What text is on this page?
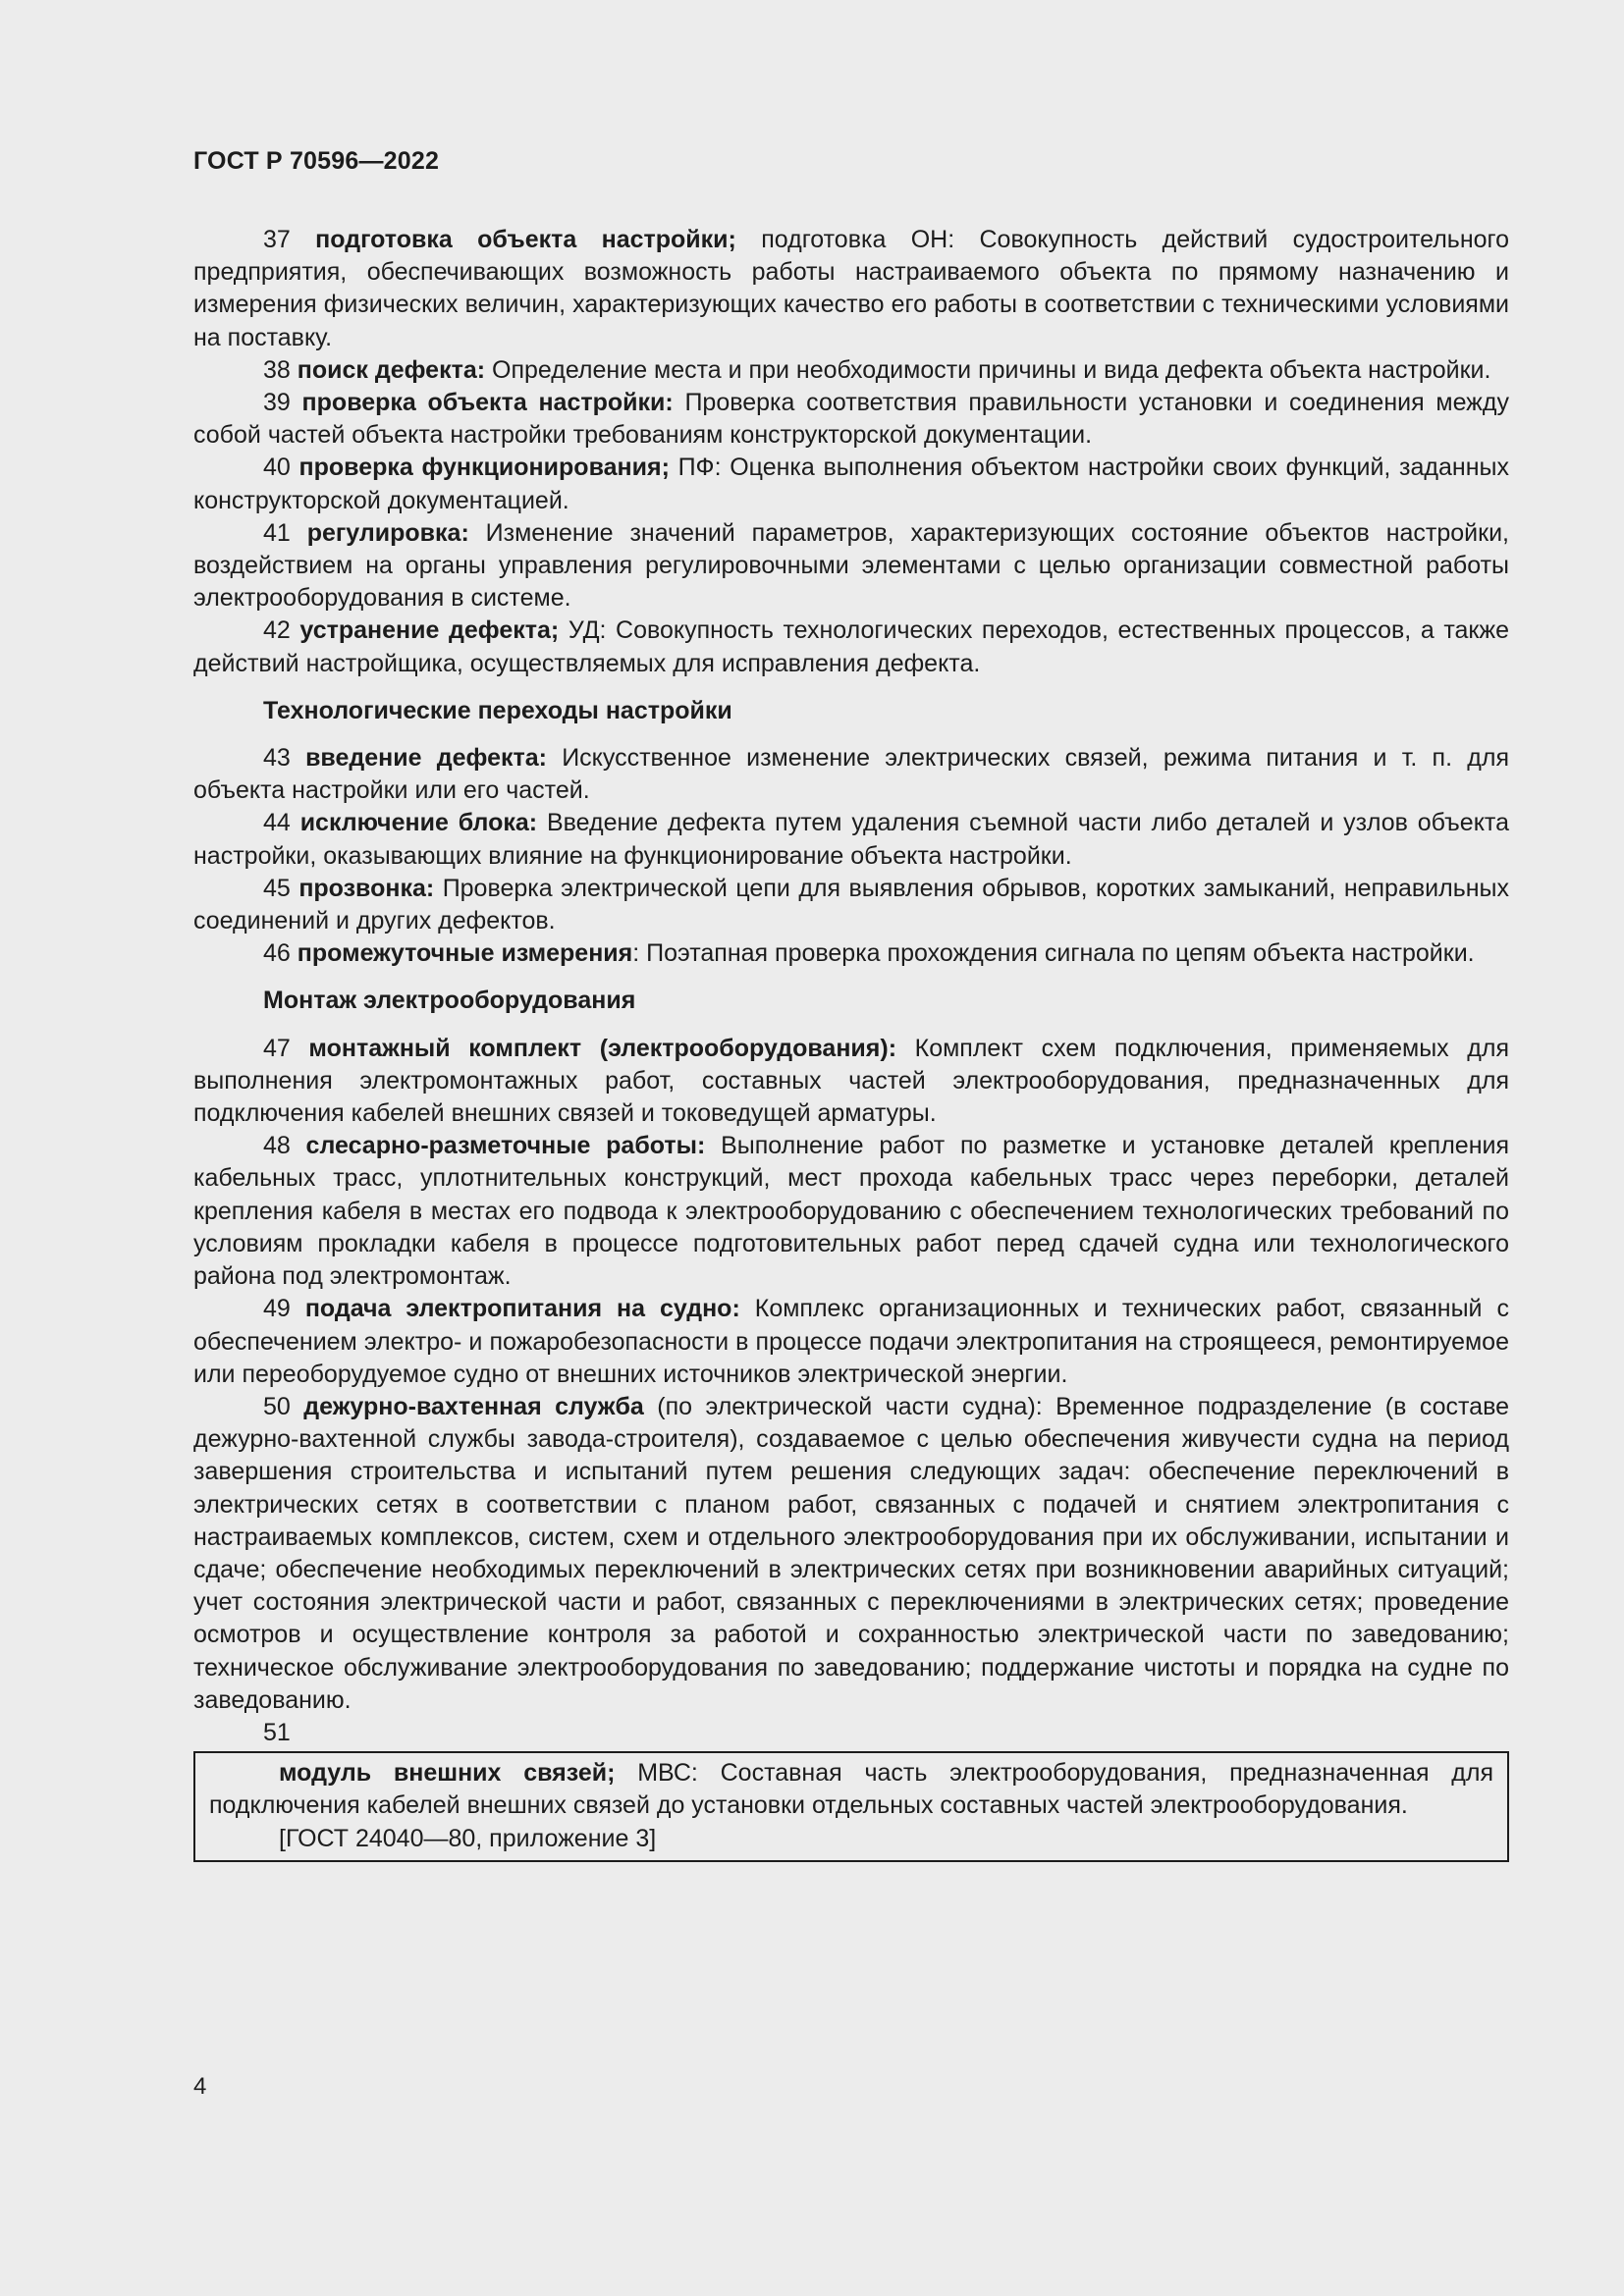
ГОСТ Р 70596—2022

37 подготовка объекта настройки; подготовка ОН: Совокупность действий судостроительного предприятия, обеспечивающих возможность работы настраиваемого объекта по прямому назначению и измерения физических величин, характеризующих качество его работы в соответствии с техническими условиями на поставку.

38 поиск дефекта: Определение места и при необходимости причины и вида дефекта объекта настройки.

39 проверка объекта настройки: Проверка соответствия правильности установки и соединения между собой частей объекта настройки требованиям конструкторской документации.

40 проверка функционирования; ПФ: Оценка выполнения объектом настройки своих функций, заданных конструкторской документацией.

41 регулировка: Изменение значений параметров, характеризующих состояние объектов настройки, воздействием на органы управления регулировочными элементами с целью организации совместной работы электрооборудования в системе.

42 устранение дефекта; УД: Совокупность технологических переходов, естественных процессов, а также действий настройщика, осуществляемых для исправления дефекта.

Технологические переходы настройки

43 введение дефекта: Искусственное изменение электрических связей, режима питания и т. п. для объекта настройки или его частей.

44 исключение блока: Введение дефекта путем удаления съемной части либо деталей и узлов объекта настройки, оказывающих влияние на функционирование объекта настройки.

45 прозвонка: Проверка электрической цепи для выявления обрывов, коротких замыканий, неправильных соединений и других дефектов.

46 промежуточные измерения: Поэтапная проверка прохождения сигнала по цепям объекта настройки.

Монтаж электрооборудования

47 монтажный комплект (электрооборудования): Комплект схем подключения, применяемых для выполнения электромонтажных работ, составных частей электрооборудования, предназначенных для подключения кабелей внешних связей и токоведущей арматуры.

48 слесарно-разметочные работы: Выполнение работ по разметке и установке деталей крепления кабельных трасс, уплотнительных конструкций, мест прохода кабельных трасс через переборки, деталей крепления кабеля в местах его подвода к электрооборудованию с обеспечением технологических требований по условиям прокладки кабеля в процессе подготовительных работ перед сдачей судна или технологического района под электромонтаж.

49 подача электропитания на судно: Комплекс организационных и технических работ, связанный с обеспечением электро- и пожаробезопасности в процессе подачи электропитания на строящееся, ремонтируемое или переоборудуемое судно от внешних источников электрической энергии.

50 дежурно-вахтенная служба (по электрической части судна): Временное подразделение (в составе дежурно-вахтенной службы завода-строителя), создаваемое с целью обеспечения живучести судна на период завершения строительства и испытаний путем решения следующих задач: обеспечение переключений в электрических сетях в соответствии с планом работ, связанных с подачей и снятием электропитания с настраиваемых комплексов, систем, схем и отдельного электрооборудования при их обслуживании, испытании и сдаче; обеспечение необходимых переключений в электрических сетях при возникновении аварийных ситуаций; учет состояния электрической части и работ, связанных с переключениями в электрических сетях; проведение осмотров и осуществление контроля за работой и сохранностью электрической части по заведованию; техническое обслуживание электрооборудования по заведованию; поддержание чистоты и порядка на судне по заведованию.

51

модуль внешних связей; МВС: Составная часть электрооборудования, предназначенная для подключения кабелей внешних связей до установки отдельных составных частей электрооборудования.

[ГОСТ 24040—80, приложение 3]

4
